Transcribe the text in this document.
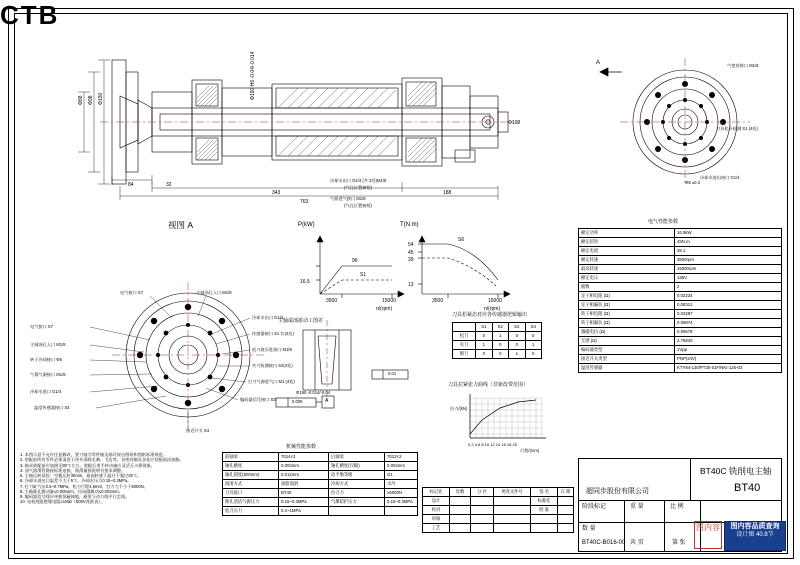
763
343	188
84	32
Φ150
Φ98
Φ88
Φ190 H6 -0.04/-0.014
Φ102
冷却水出口 G1/4 (共 2处)M1/8
(气孔位置参照)
气源进气接口 M1/8
(气孔位置参照)
气密封接口 M1/8
刀具松开检测 S1 (4处)
冷却水进出接口 G1/4
Φ8 ±0.3
A
视图 A
电气接口 S7
主轴油孔入口 M1/8
转子冷却接口 Φ6
气幕气源接口 M1/8
冷却水进口 G1/4
温度传感器接口 S4
冷却水出口 G1/4
传感器接口 S1 位(4处)
松刀液压进油口 M1/8
夹刀检测接口 S2(4处)
打刀气源进气口 M1 (4处)
编码器信号接口 S3
接近开关 S4
电气接口 S7	主轴油孔入口 M1/8
P(kW)
16.5
96
3500	15000
S1
n/(rpm)
T(N.m)
54
45
39
13
S6
3500	15000
n/(rpm)
刀具松紧态对应各传感器逻辑输出
	S1	S2	S3	S4
松刀	0	1	0	0
夹刀	1	0	0	1
断刀	0	0	1	0
刀具拉紧张力曲线（非新改带范围）
拉力/(kN)
0 2 4 6 8 10 12 14 16 18 20
行程/(mm)
主轴端部游动工图差
0.01
0.005	A
Φ190 -0.014/-0.04
电气性能参数
额定功率	16.5kW
额定扭矩	45N.m
额定电流	39.1
额定转速	3500rpm
最高转速	15000rpm
额定电压	135V
极数	2
定子相电阻 (Ω)	0.02234
定子相漏抗 (Ω)	0.08312
转子相电阻 (Ω)	0.02287
转子相漏抗 (Ω)	0.09874
激磁电抗 (Ω)	0.06578
互感 (Ω)	2.76840
编码器类型	1Vpp
接近开关类型	PNP(24V)
温度传感器	KTY84-130/PT30-51F/NKI-125-03
机械性能参数
前轴承	7014×2	后轴承	7012×2
轴孔精度	0.002mm	轴孔精度(仅幅)	0.004mm
轴孔圆度(500mm)	0.012mm	动平衡等级	G1
润滑方式	油脂润滑	冷却方式	水冷
刀具接口	BT40	拉刀力	≥6000N
锥孔清洁气源压力	0.15~0.3MPa	气爆防护压力	0.15~0.3MPa
松刀压力	0.4~1MPa		
1. 本图示意不允许任意修改，要刀轴为零件轴及轴可按出图纸和图纸标准规范。
2. 装配前所有零件必须清洗干净并清除毛刺、飞边等，各密封圈及各处应装配前涂油脂。
3. 轴承装配前应加热至80℃左右，装配后用手转动轴应灵活无卡滞现象。
4. 油气润滑管路按标准连接，润滑量按说明书要求调整。
5. 主轴运转试验：空载运转30min，最高转速下温升不超过25℃。
6. 冷却水进出口温差不大于5℃，冷却水压力0.15~0.3MPa。
7. 打刀缸气压0.5~0.7MPa，松刀行程4.5mm，打刀力不小于6000N。
8. 主轴锥孔跳动量≤0.005mm，径向圆跳动≤0.003mm。
9. 编码器信号线应单独屏蔽接地，避免与动力线平行走线。
10. 电机绕组绝缘电阻≥1MΩ（500V兆欧表）。
标记处	处数	分 区	更改文件号	签 名	日 期
设计				标准化	
校对				批 准	
审核					
工艺					
CTB
超同步股份有限公司
BT40C 铣削电主轴
BT40
阶段标记	重 量	比 例
数 量
共 页	第 张
BT40C-B016-00
图内容	图内容品质查询
设计图 40.8节
